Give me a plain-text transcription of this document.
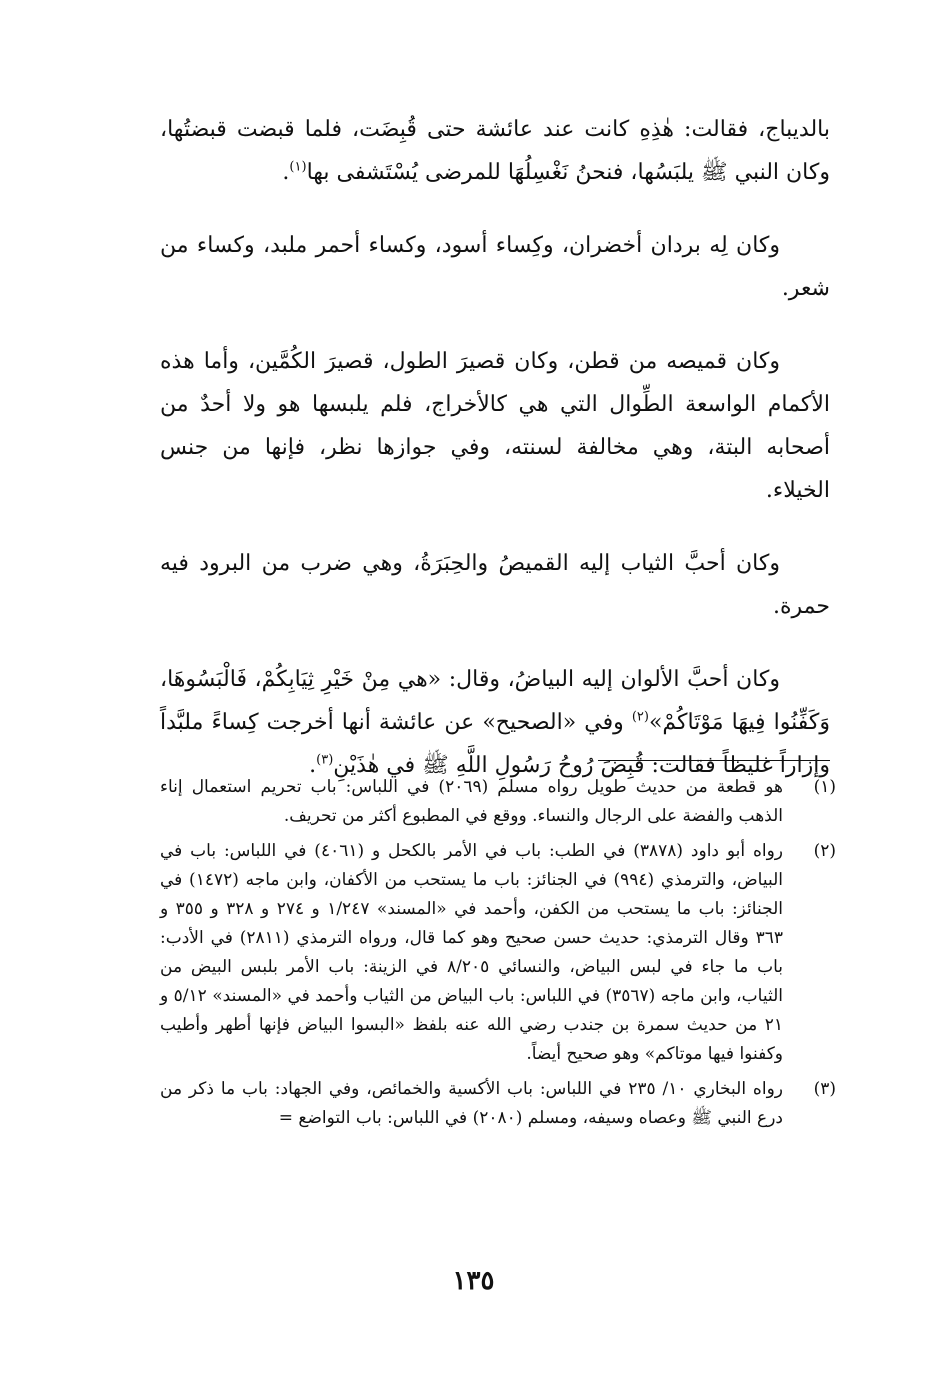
بالديباج، فقالت: هٰذِهِ كانت عند عائشة حتى قُبِضَت، فلما قبضت قبضتُها، وكان النبي ﷺ يلبَسُها، فنحنُ نَغْسِلُهَا للمرضى يُسْتَشفى بها$^{(١)}$.

وكان لِه بردان أخضران، وكِساء أسود، وكساء أحمر ملبد، وكساء من شعر.

وكان قميصه من قطن، وكان قصيرَ الطول، قصيرَ الكُمَّين، وأما هذه الأكمام الواسعة الطِّوال التي هي كالأخراج، فلم يلبسها هو ولا أحدٌ من أصحابه البتة، وهي مخالفة لسنته، وفي جوازها نظر، فإنها من جنس الخيلاء.

وكان أحبَّ الثياب إليه القميصُ والحِبَرَةُ، وهي ضرب من البرود فيه حمرة.

وكان أحبَّ الألوان إليه البياضُ، وقال: «هي مِنْ خَيْرِ ثِيَابِكُمْ، فَالْبَسُوهَا، وَكَفِّنُوا فِيهَا مَوْتَاكُمْ»$^{(٢)}$ وفي «الصحيح» عن عائشة أنها أخرجت كِساءً ملبَّداً وإزاراً غليظاً فقالت: قُبِضَ رُوحُ رَسُولِ اللَّهِ ﷺ في هٰذَيْنِ$^{(٣)}$.

(١)
هو قطعة من حديث طويل رواه مسلم (٢٠٦٩) في اللباس: باب تحريم استعمال إناء الذهب والفضة على الرجال والنساء. ووقع في المطبوع أكثر من تحريف.
(٢)
رواه أبو داود (٣٨٧٨) في الطب: باب في الأمر بالكحل و (٤٠٦١) في اللباس: باب في البياض، والترمذي (٩٩٤) في الجنائز: باب ما يستحب من الأكفان، وابن ماجه (١٤٧٢) في الجنائز: باب ما يستحب من الكفن، وأحمد في «المسند» ١/٢٤٧ و ٢٧٤ و ٣٢٨ و ٣٥٥ و ٣٦٣ وقال الترمذي: حديث حسن صحيح وهو كما قال، ورواه الترمذي (٢٨١١) في الأدب: باب ما جاء في لبس البياض، والنسائي ٨/٢٠٥ في الزينة: باب الأمر بلبس البيض من الثياب، وابن ماجه (٣٥٦٧) في اللباس: باب البياض من الثياب وأحمد في «المسند» ٥/١٢ و ٢١ من حديث سمرة بن جندب رضي الله عنه بلفظ «البسوا البياض فإنها أطهر وأطيب وكفنوا فيها موتاكم» وهو صحيح أيضاً.
(٣)
رواه البخاري ١٠/ ٢٣٥ في اللباس: باب الأكسية والخمائص، وفي الجهاد: باب ما ذكر من درع النبي ﷺ وعصاه وسيفه، ومسلم (٢٠٨٠) في اللباس: باب التواضع =
١٣٥
